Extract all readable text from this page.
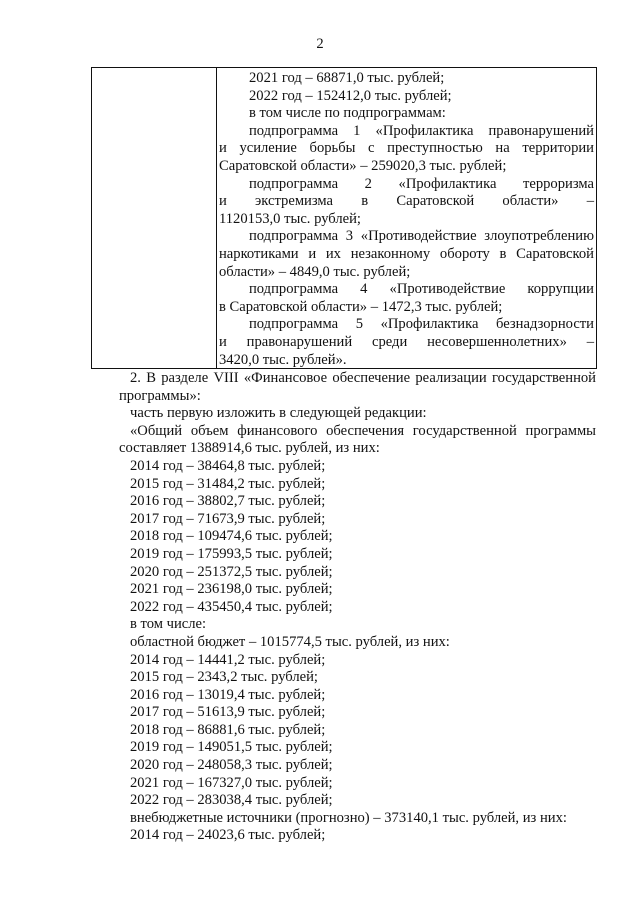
2
2021 год – 68871,0 тыс. рублей;
2022 год – 152412,0 тыс. рублей;
в том числе по подпрограммам:
подпрограмма 1 «Профилактика правонарушений
и усиление борьбы с преступностью на территории
Саратовской области» – 259020,3 тыс. рублей;
подпрограмма 2 «Профилактика терроризма
и экстремизма в Саратовской области» –
1120153,0 тыс. рублей;
подпрограмма 3 «Противодействие злоупотреблению
наркотиками и их незаконному обороту в Саратовской
области» – 4849,0 тыс. рублей;
подпрограмма 4 «Противодействие коррупции
в Саратовской области» – 1472,3 тыс. рублей;
подпрограмма 5 «Профилактика безнадзорности
и правонарушений среди несовершеннолетних» –
3420,0 тыс. рублей».
2. В разделе VIII «Финансовое обеспечение реализации государственной
программы»:
часть первую изложить в следующей редакции:
«Общий объем финансового обеспечения государственной программы
составляет 1388914,6 тыс. рублей, из них:
2014 год – 38464,8 тыс. рублей;
2015 год – 31484,2 тыс. рублей;
2016 год – 38802,7 тыс. рублей;
2017 год – 71673,9 тыс. рублей;
2018 год – 109474,6 тыс. рублей;
2019 год – 175993,5 тыс. рублей;
2020 год – 251372,5 тыс. рублей;
2021 год – 236198,0 тыс. рублей;
2022 год – 435450,4 тыс. рублей;
в том числе:
областной бюджет – 1015774,5 тыс. рублей, из них:
2014 год – 14441,2 тыс. рублей;
2015 год – 2343,2 тыс. рублей;
2016 год – 13019,4 тыс. рублей;
2017 год – 51613,9 тыс. рублей;
2018 год – 86881,6 тыс. рублей;
2019 год – 149051,5 тыс. рублей;
2020 год – 248058,3 тыс. рублей;
2021 год – 167327,0 тыс. рублей;
2022 год – 283038,4 тыс. рублей;
внебюджетные источники (прогнозно) – 373140,1 тыс. рублей, из них:
2014 год – 24023,6 тыс. рублей;
